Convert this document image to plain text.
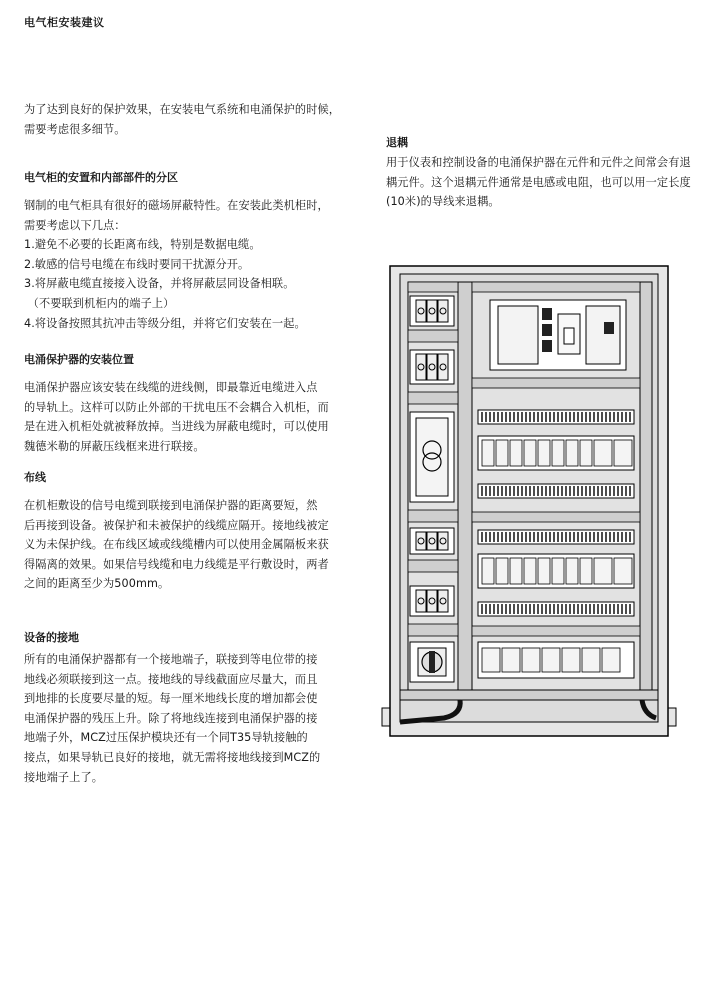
电气柜安装建议

为了达到良好的保护效果，在安装电气系统和电涌保护的时候，
需要考虑很多细节。

电气柜的安置和内部部件的分区

钢制的电气柜具有很好的磁场屏蔽特性。在安装此类机柜时，
需要考虑以下几点：
1.避免不必要的长距离布线，特别是数据电缆。
2.敏感的信号电缆在布线时要同干扰源分开。
3.将屏蔽电缆直接接入设备，并将屏蔽层同设备相联。
（不要联到机柜内的端子上）
4.将设备按照其抗冲击等级分组，并将它们安装在一起。

电涌保护器的安装位置

电涌保护器应该安装在线缆的进线侧，即最靠近电缆进入点
的导轨上。这样可以防止外部的干扰电压不会耦合入机柜，而
是在进入机柜处就被释放掉。当进线为屏蔽电缆时，可以使用
魏德米勒的屏蔽压线框来进行联接。

布线

在机柜敷设的信号电缆到联接到电涌保护器的距离要短，然
后再接到设备。被保护和未被保护的线缆应隔开。接地线被定
义为未保护线。在布线区域或线缆槽内可以使用金属隔板来获
得隔离的效果。如果信号线缆和电力线缆是平行敷设时，两者
之间的距离至少为500mm。

设备的接地

所有的电涌保护器都有一个接地端子，联接到等电位带的接
地线必须联接到这一点。接地线的导线截面应尽量大，而且
到地排的长度要尽量的短。每一厘米地线长度的增加都会使
电涌保护器的残压上升。除了将地线连接到电涌保护器的接
地端子外，MCZ过压保护模块还有一个同T35导轨接触的
接点，如果导轨已良好的接地，就无需将接地线接到MCZ的
接地端子上了。

退耦

用于仪表和控制设备的电涌保护器在元件和元件之间常会有退
耦元件。这个退耦元件通常是电感或电阻，也可以用一定长度
(10米)的导线来退耦。
